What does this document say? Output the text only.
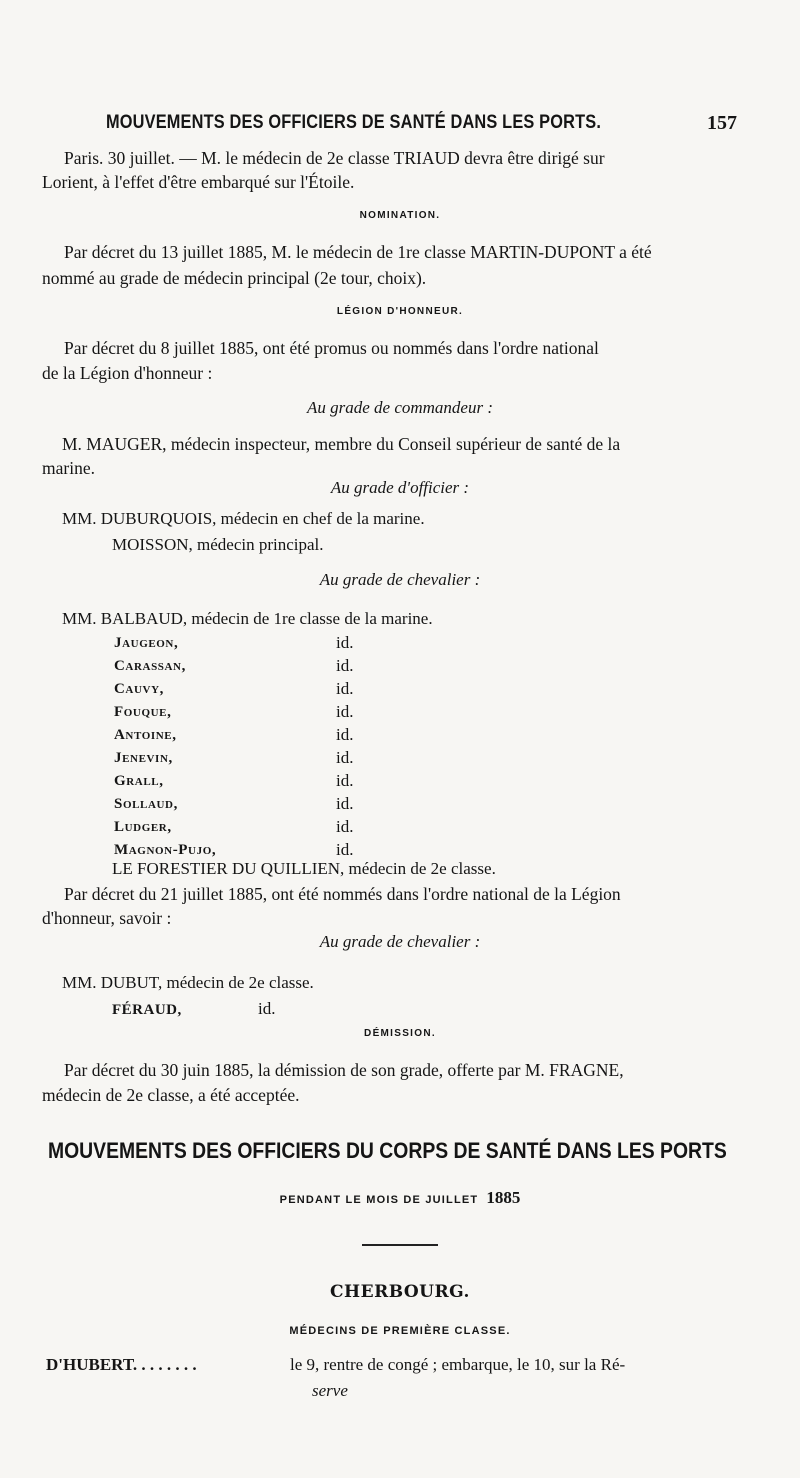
MOUVEMENTS DES OFFICIERS DE SANTÉ DANS LES PORTS.	157
Paris. 30 juillet. — M. le médecin de 2e classe TRIAUD devra être dirigé sur
Lorient, à l'effet d'être embarqué sur l'Étoile.
NOMINATION.
Par décret du 13 juillet 1885, M. le médecin de 1re classe MARTIN-DUPONT a été
nommé au grade de médecin principal (2e tour, choix).
LÉGION D'HONNEUR.
Par décret du 8 juillet 1885, ont été promus ou nommés dans l'ordre national
de la Légion d'honneur :
Au grade de commandeur :
M. MAUGER, médecin inspecteur, membre du Conseil supérieur de santé de la
marine.
Au grade d'officier :
MM. DUBURQUOIS, médecin en chef de la marine.
MOISSON, médecin principal.
Au grade de chevalier :
MM. BALBAUD, médecin de 1re classe de la marine.
Jaugeon,	id.
Carassan,	id.
Cauvy,	id.
Fouque,	id.
Antoine,	id.
Jenevin,	id.
Grall,	id.
Sollaud,	id.
Ludger,	id.
Magnon-Pujo,	id.
LE FORESTIER DU QUILLIEN, médecin de 2e classe.
Par décret du 21 juillet 1885, ont été nommés dans l'ordre national de la Légion
d'honneur, savoir :
Au grade de chevalier :
MM. DUBUT, médecin de 2e classe.
FÉRAUD,	id.
DÉMISSION.
Par décret du 30 juin 1885, la démission de son grade, offerte par M. FRAGNE,
médecin de 2e classe, a été acceptée.
MOUVEMENTS DES OFFICIERS DU CORPS DE SANTÉ DANS LES PORTS
PENDANT LE MOIS DE JUILLET 1885
CHERBOURG.
MÉDECINS DE PREMIÈRE CLASSE.
D'HUBERT. . . . . . . .	le 9, rentre de congé ; embarque, le 10, sur la Ré-
serve
